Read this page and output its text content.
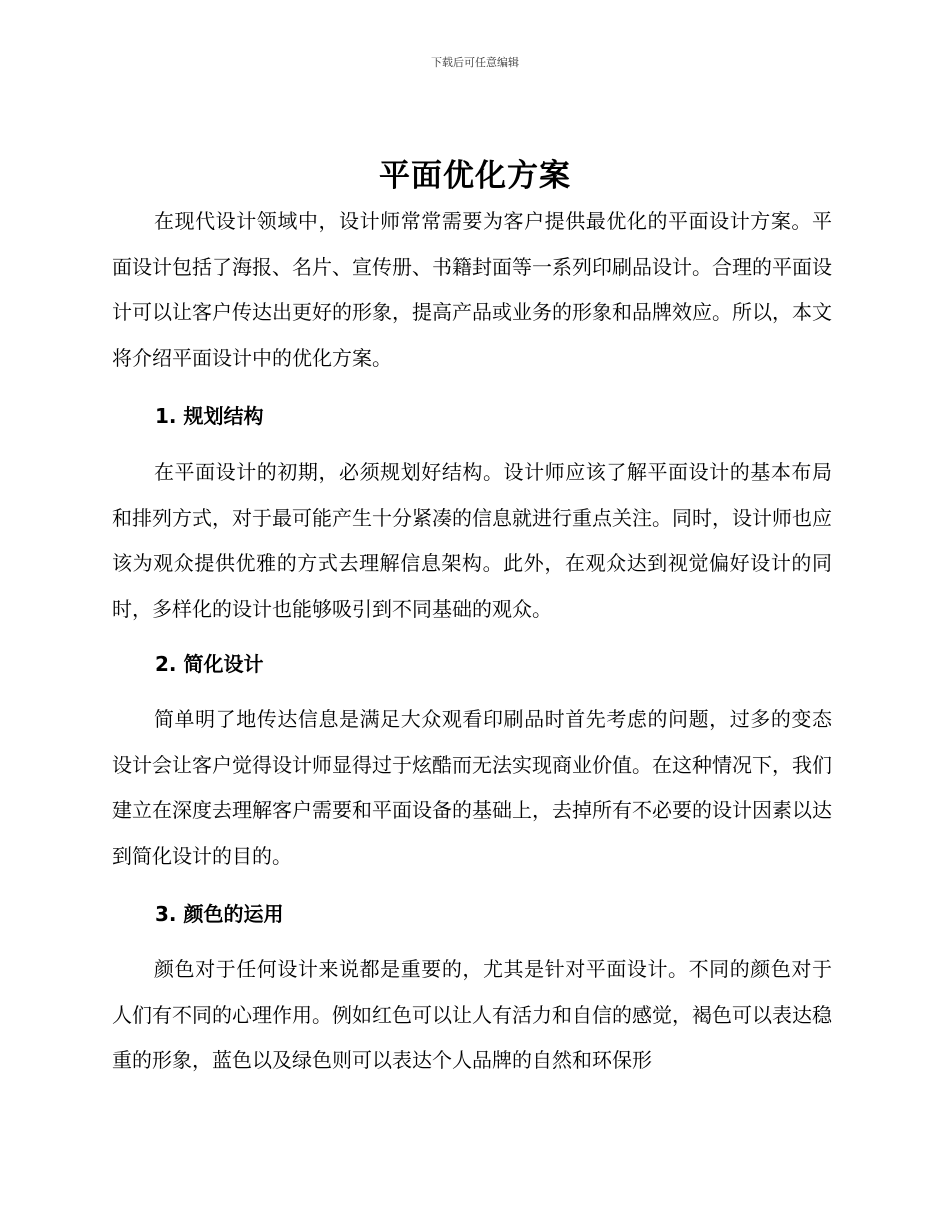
下载后可任意编辑
平面优化方案

在现代设计领域中，设计师常常需要为客户提供最优化的平面设计方案。平面设计包括了海报、名片、宣传册、书籍封面等一系列印刷品设计。合理的平面设计可以让客户传达出更好的形象，提高产品或业务的形象和品牌效应。所以，本文将介绍平面设计中的优化方案。

1. 规划结构

在平面设计的初期，必须规划好结构。设计师应该了解平面设计的基本布局和排列方式，对于最可能产生十分紧凑的信息就进行重点关注。同时，设计师也应该为观众提供优雅的方式去理解信息架构。此外，在观众达到视觉偏好设计的同时，多样化的设计也能够吸引到不同基础的观众。

2. 简化设计

简单明了地传达信息是满足大众观看印刷品时首先考虑的问题，过多的变态设计会让客户觉得设计师显得过于炫酷而无法实现商业价值。在这种情况下，我们建立在深度去理解客户需要和平面设备的基础上，去掉所有不必要的设计因素以达到简化设计的目的。

3. 颜色的运用

颜色对于任何设计来说都是重要的，尤其是针对平面设计。不同的颜色对于人们有不同的心理作用。例如红色可以让人有活力和自信的感觉，褐色可以表达稳重的形象，蓝色以及绿色则可以表达个人品牌的自然和环保形
